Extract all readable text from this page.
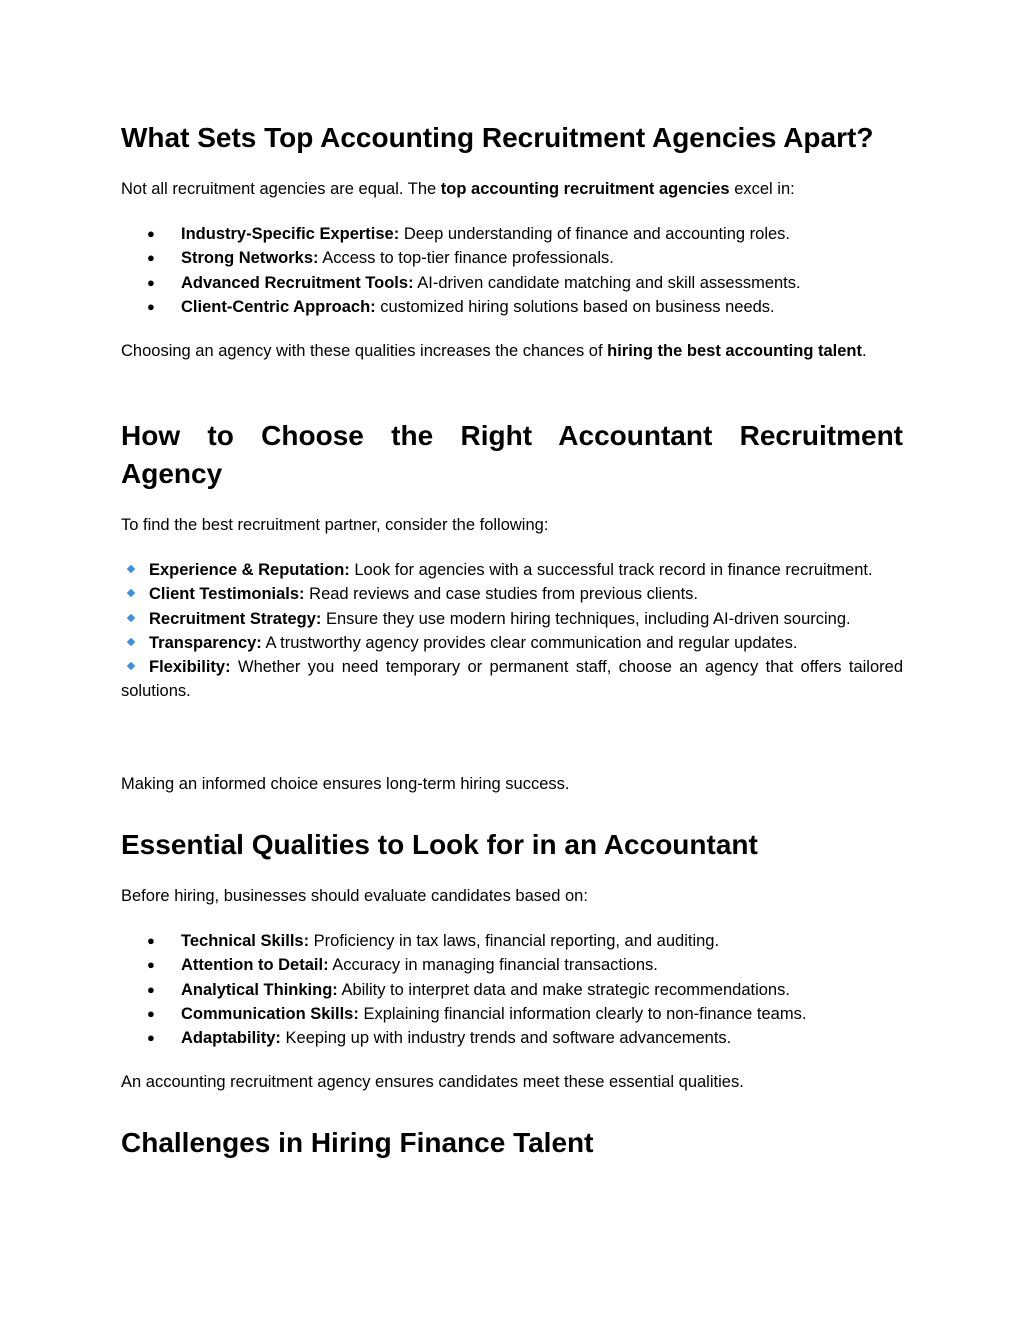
What Sets Top Accounting Recruitment Agencies Apart?

Not all recruitment agencies are equal. The top accounting recruitment agencies excel in:

● Industry-Specific Expertise: Deep understanding of finance and accounting roles.
● Strong Networks: Access to top-tier finance professionals.
● Advanced Recruitment Tools: AI-driven candidate matching and skill assessments.
● Client-Centric Approach: customized hiring solutions based on business needs.

Choosing an agency with these qualities increases the chances of hiring the best accounting talent.

How to Choose the Right Accountant Recruitment
Agency

To find the best recruitment partner, consider the following:

Experience & Reputation: Look for agencies with a successful track record in finance recruitment.
Client Testimonials: Read reviews and case studies from previous clients.
Recruitment Strategy: Ensure they use modern hiring techniques, including AI-driven sourcing.
Transparency: A trustworthy agency provides clear communication and regular updates.
Flexibility: Whether you need temporary or permanent staff, choose an agency that offers tailored solutions.

Making an informed choice ensures long-term hiring success.

Essential Qualities to Look for in an Accountant

Before hiring, businesses should evaluate candidates based on:

● Technical Skills: Proficiency in tax laws, financial reporting, and auditing.
● Attention to Detail: Accuracy in managing financial transactions.
● Analytical Thinking: Ability to interpret data and make strategic recommendations.
● Communication Skills: Explaining financial information clearly to non-finance teams.
● Adaptability: Keeping up with industry trends and software advancements.

An accounting recruitment agency ensures candidates meet these essential qualities.

Challenges in Hiring Finance Talent
